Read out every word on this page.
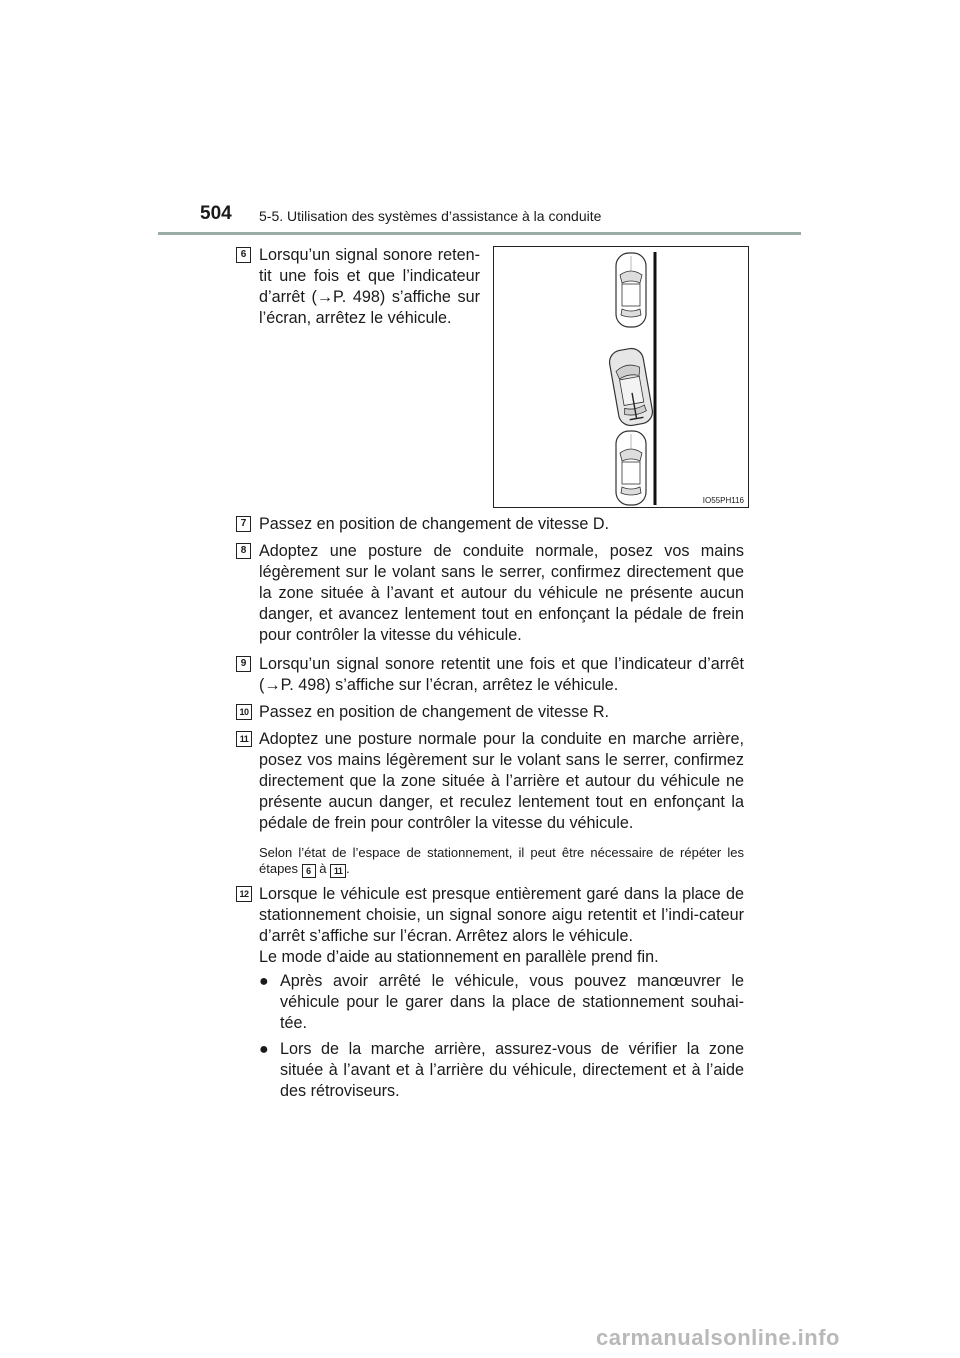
504 5-5. Utilisation des systèmes d’assistance à la conduite
6 Lorsqu’un signal sonore reten-tit une fois et que l’indicateur d’arrêt (→P. 498) s’affiche sur l’écran, arrêtez le véhicule.
IO55PH116
7 Passez en position de changement de vitesse D.
8 Adoptez une posture de conduite normale, posez vos mains légèrement sur le volant sans le serrer, confirmez directement que la zone située à l’avant et autour du véhicule ne présente aucun danger, et avancez lentement tout en enfonçant la pédale de frein pour contrôler la vitesse du véhicule.
9 Lorsqu’un signal sonore retentit une fois et que l’indicateur d’arrêt (→P. 498) s’affiche sur l’écran, arrêtez le véhicule.
10 Passez en position de changement de vitesse R.
11 Adoptez une posture normale pour la conduite en marche arrière, posez vos mains légèrement sur le volant sans le serrer, confirmez directement que la zone située à l’arrière et autour du véhicule ne présente aucun danger, et reculez lentement tout en enfonçant la pédale de frein pour contrôler la vitesse du véhicule.
Selon l’état de l’espace de stationnement, il peut être nécessaire de répéter les étapes 6 à 11 .
12 Lorsque le véhicule est presque entièrement garé dans la place de stationnement choisie, un signal sonore aigu retentit et l’indi-cateur d’arrêt s’affiche sur l’écran. Arrêtez alors le véhicule.
Le mode d’aide au stationnement en parallèle prend fin.
● Après avoir arrêté le véhicule, vous pouvez manœuvrer le véhicule pour le garer dans la place de stationnement souhai-tée.
● Lors de la marche arrière, assurez-vous de vérifier la zone située à l’avant et à l’arrière du véhicule, directement et à l’aide des rétroviseurs.
carmanualsonline.info
